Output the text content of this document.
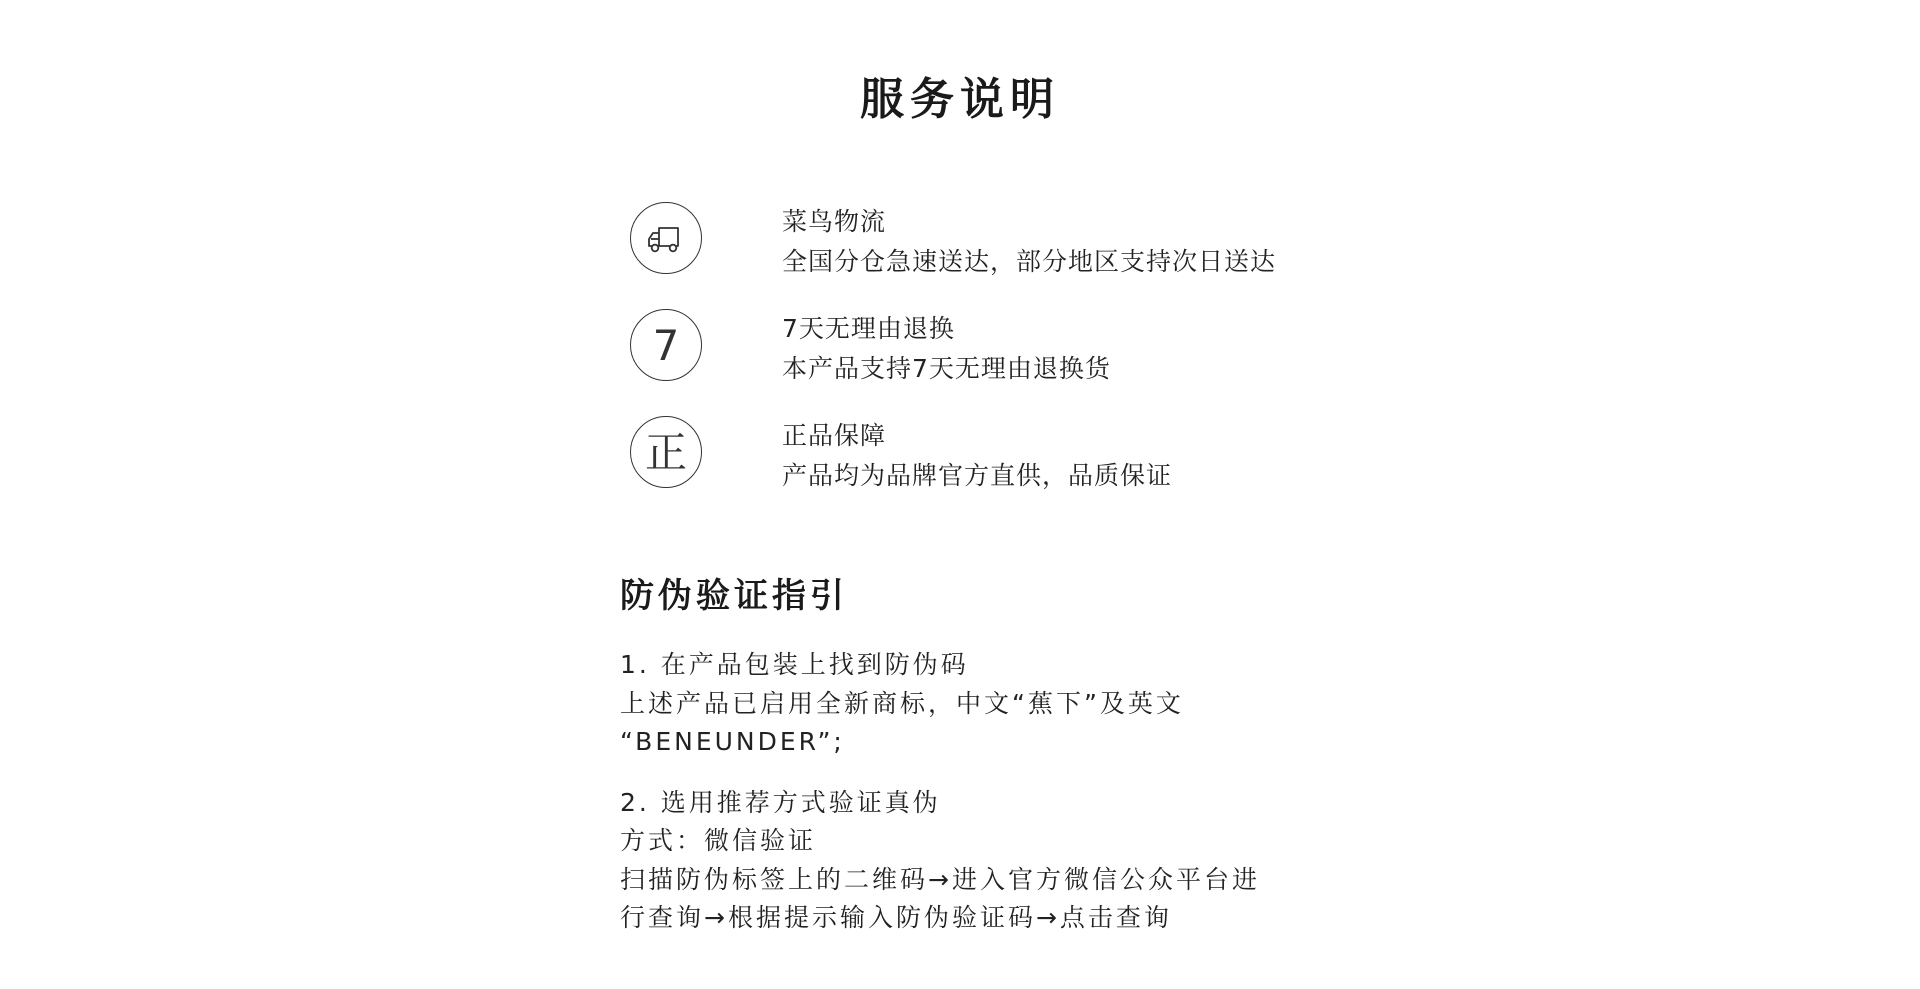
服务说明
菜鸟物流
全国分仓急速送达，部分地区支持次日送达
7	7天无理由退换
本产品支持7天无理由退换货
正	正品保障
产品均为品牌官方直供，品质保证
防伪验证指引
1. 在产品包装上找到防伪码
上述产品已启用全新商标，中文“蕉下”及英文
“BENEUNDER”;
2. 选用推荐方式验证真伪
方式：微信验证
扫描防伪标签上的二维码→进入官方微信公众平台进
行查询→根据提示输入防伪验证码→点击查询
